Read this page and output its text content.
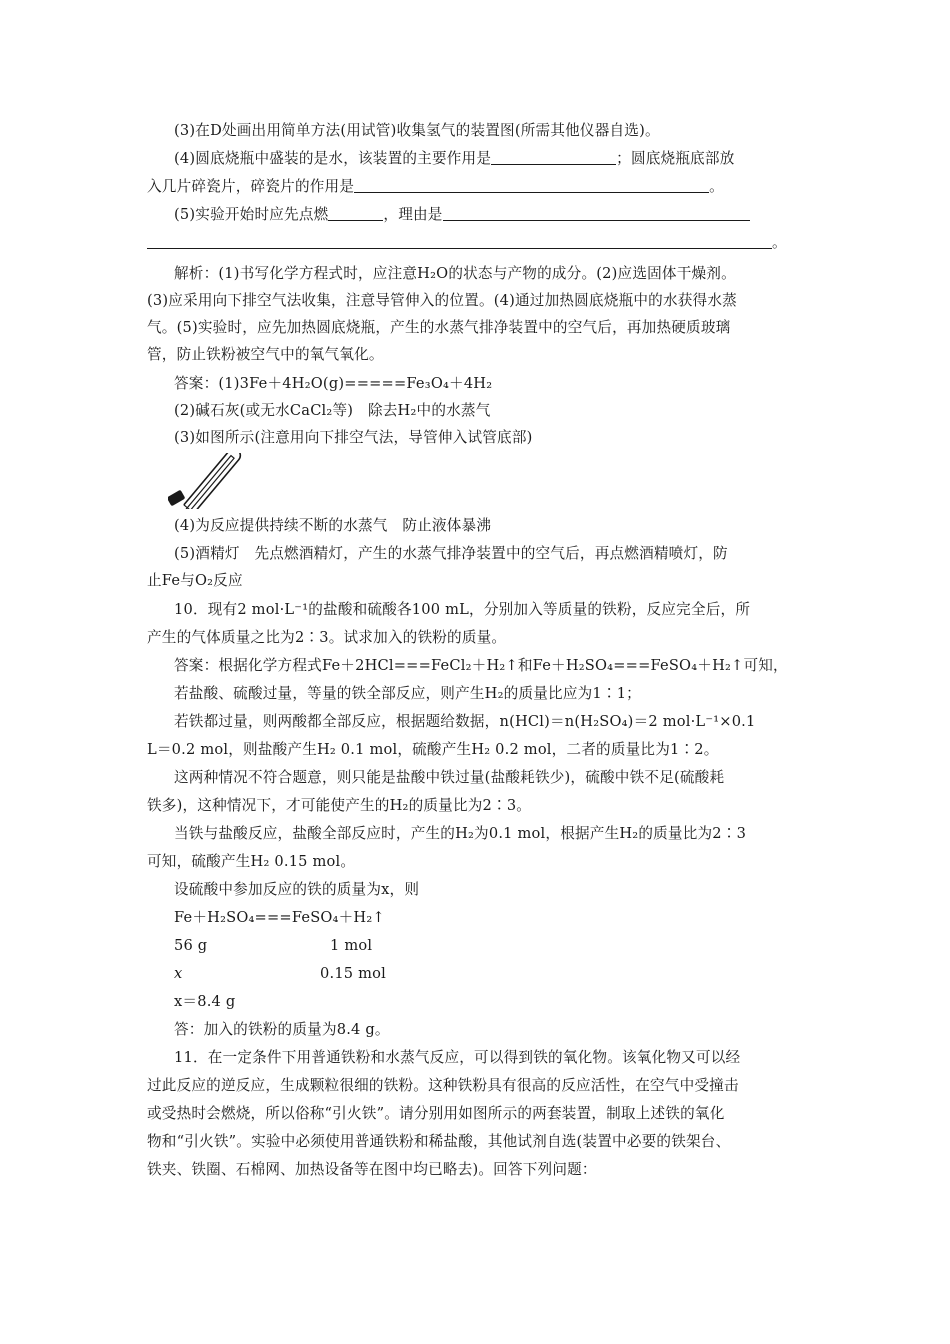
(3)在D处画出用简单方法(用试管)收集氢气的装置图(所需其他仪器自选)。
(4)圆底烧瓶中盛装的是水，该装置的主要作用是	；圆底烧瓶底部放
入几片碎瓷片，碎瓷片的作用是	。
(5)实验开始时应先点燃	，理由是
。
解析：(1)书写化学方程式时，应注意H₂O的状态与产物的成分。(2)应选固体干燥剂。
(3)应采用向下排空气法收集，注意导管伸入的位置。(4)通过加热圆底烧瓶中的水获得水蒸
气。(5)实验时，应先加热圆底烧瓶，产生的水蒸气排净装置中的空气后，再加热硬质玻璃
管，防止铁粉被空气中的氧气氧化。
答案：(1)3Fe＋4H₂O(g)=====Fe₃O₄＋4H₂
(2)碱石灰(或无水CaCl₂等)　除去H₂中的水蒸气
(3)如图所示(注意用向下排空气法，导管伸入试管底部)
(4)为反应提供持续不断的水蒸气　防止液体暴沸
(5)酒精灯　先点燃酒精灯，产生的水蒸气排净装置中的空气后，再点燃酒精喷灯，防
止Fe与O₂反应
10．现有2 mol·L⁻¹的盐酸和硫酸各100 mL，分别加入等质量的铁粉，反应完全后，所
产生的气体质量之比为2∶3。试求加入的铁粉的质量。
答案：根据化学方程式Fe＋2HCl===FeCl₂＋H₂↑和Fe＋H₂SO₄===FeSO₄＋H₂↑可知，
若盐酸、硫酸过量，等量的铁全部反应，则产生H₂的质量比应为1∶1；
若铁都过量，则两酸都全部反应，根据题给数据，n(HCl)＝n(H₂SO₄)＝2 mol·L⁻¹×0.1
L＝0.2 mol，则盐酸产生H₂ 0.1 mol，硫酸产生H₂ 0.2 mol，二者的质量比为1∶2。
这两种情况不符合题意，则只能是盐酸中铁过量(盐酸耗铁少)，硫酸中铁不足(硫酸耗
铁多)，这种情况下，才可能使产生的H₂的质量比为2∶3。
当铁与盐酸反应，盐酸全部反应时，产生的H₂为0.1 mol，根据产生H₂的质量比为2∶3
可知，硫酸产生H₂ 0.15 mol。
设硫酸中参加反应的铁的质量为x，则
Fe＋H₂SO₄===FeSO₄＋H₂↑
56 g	1 mol
x	0.15 mol
x＝8.4 g
答：加入的铁粉的质量为8.4 g。
11．在一定条件下用普通铁粉和水蒸气反应，可以得到铁的氧化物。该氧化物又可以经
过此反应的逆反应，生成颗粒很细的铁粉。这种铁粉具有很高的反应活性，在空气中受撞击
或受热时会燃烧，所以俗称“引火铁”。请分别用如图所示的两套装置，制取上述铁的氧化
物和“引火铁”。实验中必须使用普通铁粉和稀盐酸，其他试剂自选(装置中必要的铁架台、
铁夹、铁圈、石棉网、加热设备等在图中均已略去)。回答下列问题：
